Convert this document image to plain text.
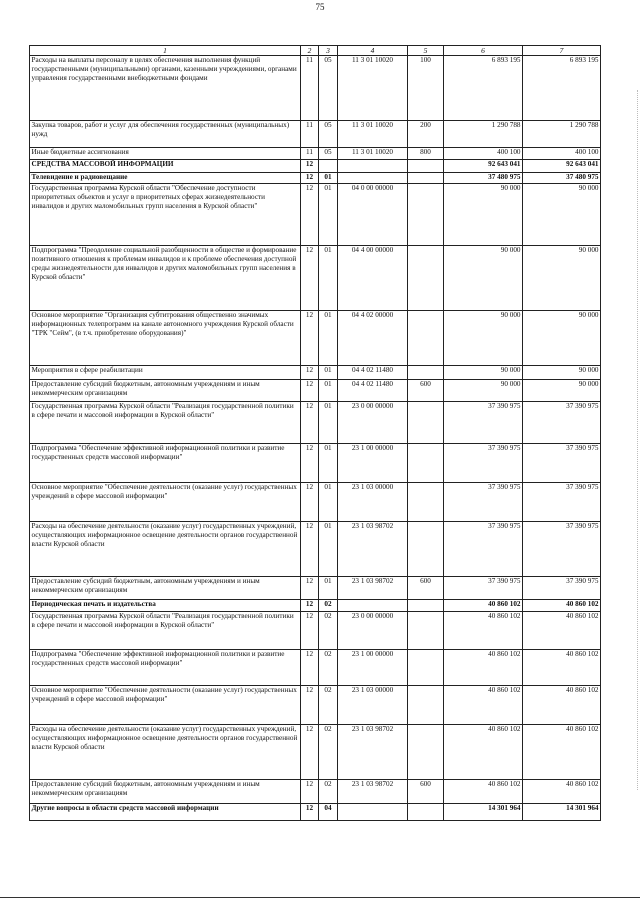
75
1	2	3	4	5	6	7
Расходы на выплаты персоналу в целях обеспечения выполнения функций государственными (муниципальными) органами, казенными учреждениями, органами управления государственными внебюджетными фондами	11	05	11 3 01 10020	100	6 893 195	6 893 195
Закупка товаров, работ и услуг для обеспечения государственных (муниципальных) нужд	11	05	11 3 01 10020	200	1 290 788	1 290 788
Иные бюджетные ассигнования	11	05	11 3 01 10020	800	400 100	400 100
СРЕДСТВА МАССОВОЙ ИНФОРМАЦИИ	12				92 643 041	92 643 041
Телевидение и радиовещание	12	01			37 480 975	37 480 975
Государственная программа Курской области "Обеспечение доступности приоритетных объектов и услуг в приоритетных сферах жизнедеятельности инвалидов и других маломобильных групп населения в Курской области"	12	01	04 0 00 00000		90 000	90 000
Подпрограмма "Преодоление социальной разобщенности в обществе и формирование позитивного отношения к проблемам инвалидов и к проблеме обеспечения доступной среды жизнедеятельности для инвалидов и других маломобильных групп населения в Курской области"	12	01	04 4 00 00000		90 000	90 000
Основное мероприятие "Организация субтитрования общественно значимых информационных телепрограмм на канале автономного учреждения Курской области "ТРК "Сейм", (в т.ч. приобретение оборудования)"	12	01	04 4 02 00000		90 000	90 000
Мероприятия в сфере реабилитации	12	01	04 4 02 11480		90 000	90 000
Предоставление субсидий бюджетным, автономным учреждениям и иным некоммерческим организациям	12	01	04 4 02 11480	600	90 000	90 000
Государственная программа Курской области "Реализация государственной политики в сфере печати и массовой информации в Курской области"	12	01	23 0 00 00000		37 390 975	37 390 975
Подпрограмма "Обеспечение эффективной информационной политики и развитие государственных средств массовой информации"	12	01	23 1 00 00000		37 390 975	37 390 975
Основное мероприятие "Обеспечение деятельности (оказание услуг) государственных учреждений в сфере массовой информации"	12	01	23 1 03 00000		37 390 975	37 390 975
Расходы на обеспечение деятельности (оказание услуг) государственных учреждений, осуществляющих информационное освещение деятельности органов государственной власти Курской области	12	01	23 1 03 98702		37 390 975	37 390 975
Предоставление субсидий бюджетным, автономным учреждениям и иным некоммерческим организациям	12	01	23 1 03 98702	600	37 390 975	37 390 975
Периодическая печать и издательства	12	02			40 860 102	40 860 102
Государственная программа Курской области "Реализация государственной политики в сфере печати и массовой информации в Курской области"	12	02	23 0 00 00000		40 860 102	40 860 102
Подпрограмма "Обеспечение эффективной информационной политики и развитие государственных средств массовой информации"	12	02	23 1 00 00000		40 860 102	40 860 102
Основное мероприятие "Обеспечение деятельности (оказание услуг) государственных учреждений в сфере массовой информации"	12	02	23 1 03 00000		40 860 102	40 860 102
Расходы на обеспечение деятельности (оказание услуг) государственных учреждений, осуществляющих информационное освещение деятельности органов государственной власти Курской области	12	02	23 1 03 98702		40 860 102	40 860 102
Предоставление субсидий бюджетным, автономным учреждениям и иным некоммерческим организациям	12	02	23 1 03 98702	600	40 860 102	40 860 102
Другие вопросы в области средств массовой информации	12	04			14 301 964	14 301 964
